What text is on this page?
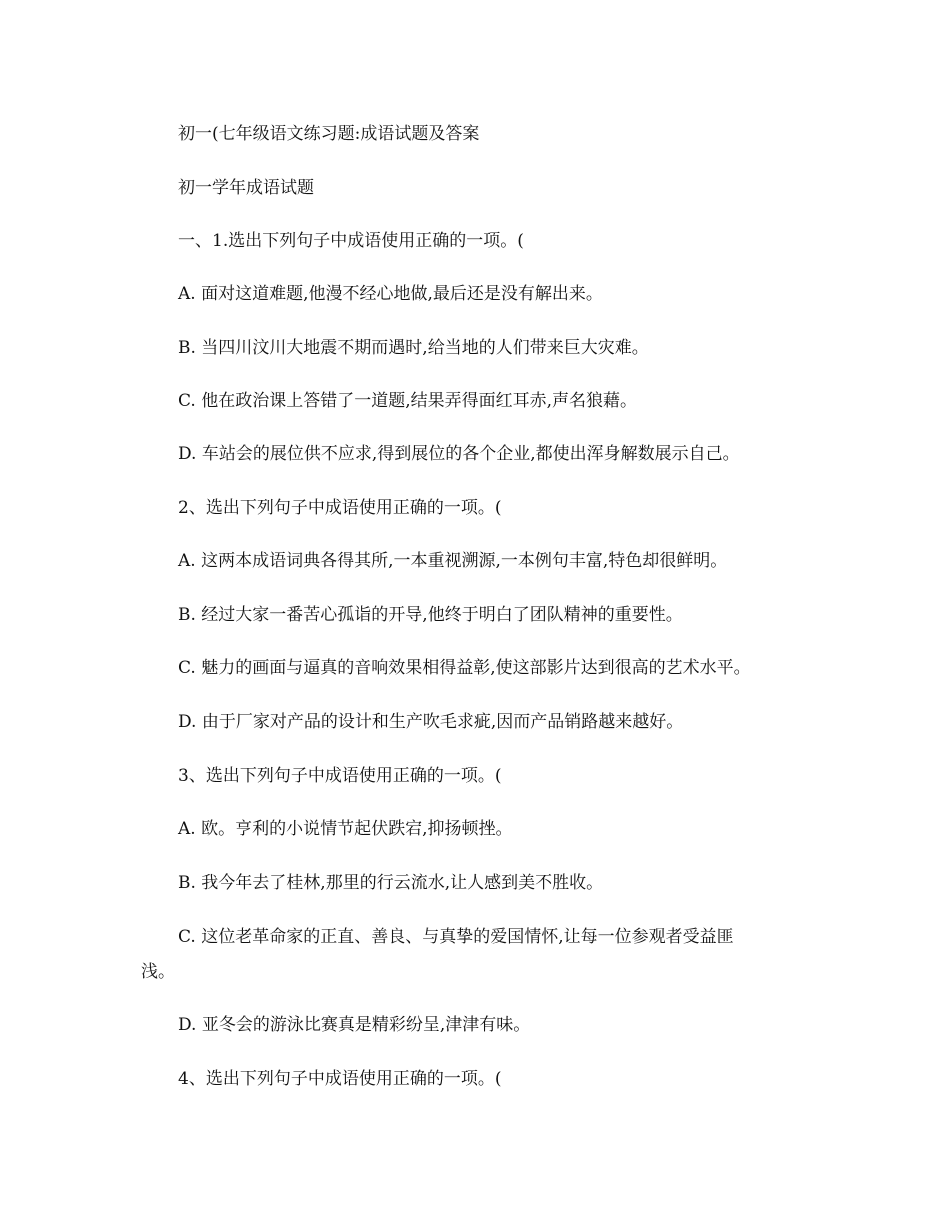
初一(七年级语文练习题:成语试题及答案
初一学年成语试题
一、1.选出下列句子中成语使用正确的一项。(
A. 面对这道难题,他漫不经心地做,最后还是没有解出来。
B. 当四川汶川大地震不期而遇时,给当地的人们带来巨大灾难。
C. 他在政治课上答错了一道题,结果弄得面红耳赤,声名狼藉。
D. 车站会的展位供不应求,得到展位的各个企业,都使出浑身解数展示自己。
2、选出下列句子中成语使用正确的一项。(
A. 这两本成语词典各得其所,一本重视溯源,一本例句丰富,特色却很鲜明。
B. 经过大家一番苦心孤诣的开导,他终于明白了团队精神的重要性。
C. 魅力的画面与逼真的音响效果相得益彰,使这部影片达到很高的艺术水平。
D. 由于厂家对产品的设计和生产吹毛求疵,因而产品销路越来越好。
3、选出下列句子中成语使用正确的一项。(
A. 欧。亨利的小说情节起伏跌宕,抑扬顿挫。
B. 我今年去了桂林,那里的行云流水,让人感到美不胜收。
C. 这位老革命家的正直、善良、与真挚的爱国情怀,让每一位参观者受益匪
浅。
D. 亚冬会的游泳比赛真是精彩纷呈,津津有味。
4、选出下列句子中成语使用正确的一项。(
